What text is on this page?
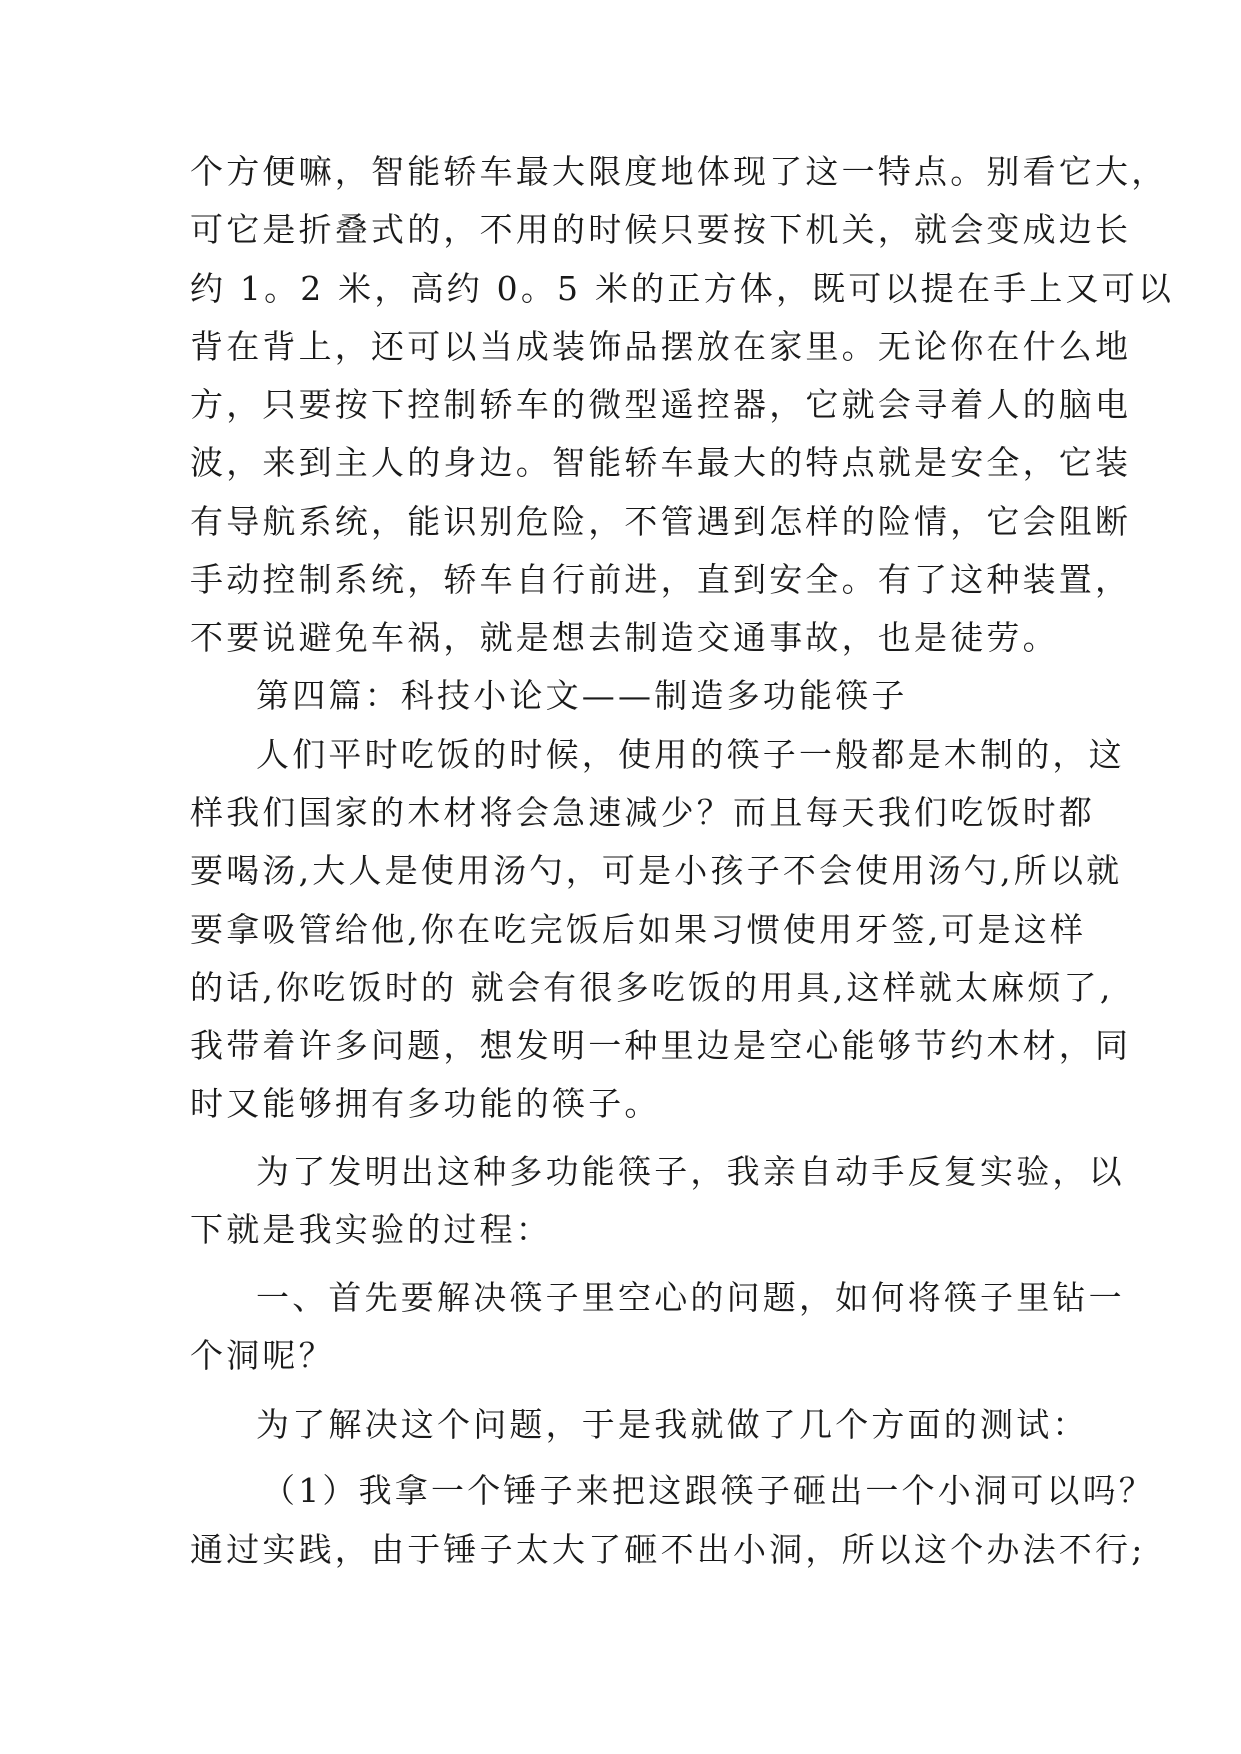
个方便嘛，智能轿车最大限度地体现了这一特点。别看它大，
可它是折叠式的，不用的时候只要按下机关，就会变成边长
约 1。2 米，高约 0。5 米的正方体，既可以提在手上又可以
背在背上，还可以当成装饰品摆放在家里。无论你在什么地
方，只要按下控制轿车的微型遥控器，它就会寻着人的脑电
波，来到主人的身边。智能轿车最大的特点就是安全，它装
有导航系统，能识别危险，不管遇到怎样的险情，它会阻断
手动控制系统，轿车自行前进，直到安全。有了这种装置，
不要说避免车祸，就是想去制造交通事故，也是徒劳。
第四篇：科技小论文——制造多功能筷子
人们平时吃饭的时候，使用的筷子一般都是木制的，这
样我们国家的木材将会急速减少？而且每天我们吃饭时都
要喝汤,大人是使用汤勺，可是小孩子不会使用汤勺,所以就
要拿吸管给他,你在吃完饭后如果习惯使用牙签,可是这样
的话,你吃饭时的 就会有很多吃饭的用具,这样就太麻烦了,
我带着许多问题，想发明一种里边是空心能够节约木材，同
时又能够拥有多功能的筷子。
为了发明出这种多功能筷子，我亲自动手反复实验，以
下就是我实验的过程：
一、首先要解决筷子里空心的问题，如何将筷子里钻一
个洞呢？
为了解决这个问题，于是我就做了几个方面的测试：
（1）我拿一个锤子来把这跟筷子砸出一个小洞可以吗？
通过实践，由于锤子太大了砸不出小洞，所以这个办法不行;
